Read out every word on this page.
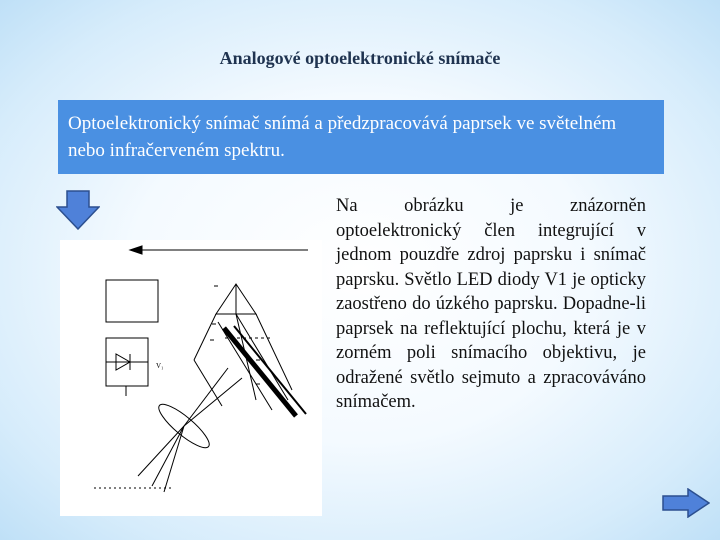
Analogové optoelektronické snímače
Optoelektronický snímač snímá a předzpracovává paprsek ve světelném nebo infračerveném spektru.
V₁
Na obrázku je znázorněn optoelektronický člen integrující v jednom pouzdře zdroj paprsku i snímač paprsku. Světlo LED diody V1 je opticky zaostřeno do úzkého paprsku. Dopadne-li paprsek na reflektující plochu, která je v zorném poli snímacího objektivu, je odražené světlo sejmuto a zpracováváno snímačem.
